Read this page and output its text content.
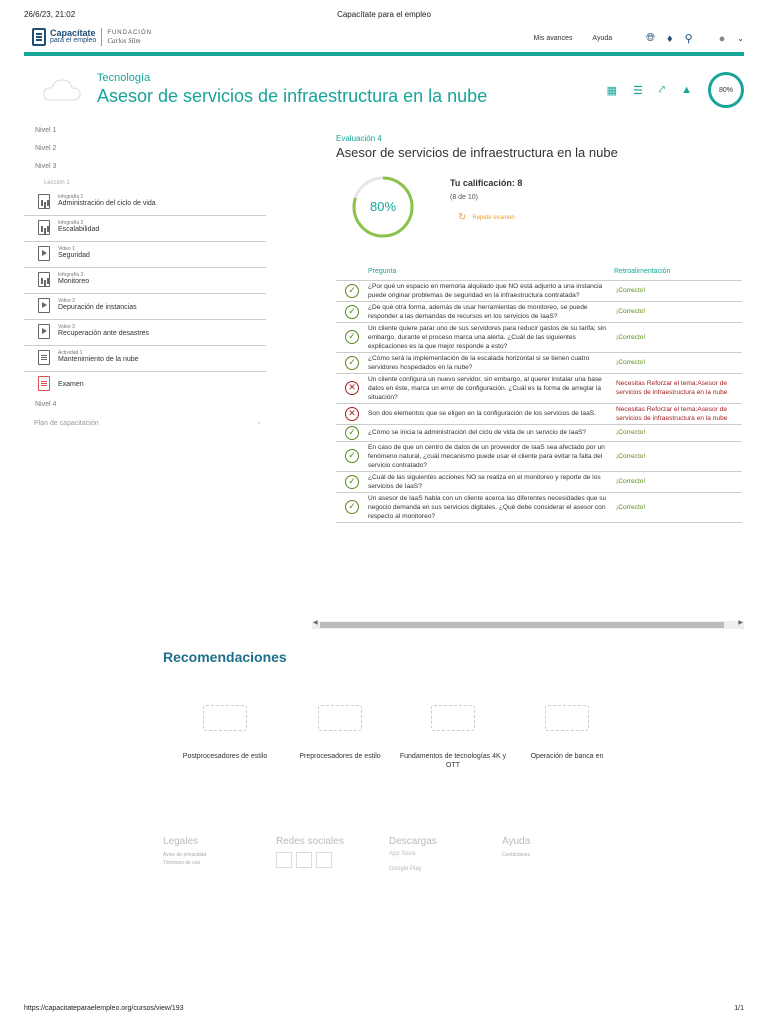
26/6/23, 21:02	Capacítate para el empleo
Capacítate
para el empleo
FUNDACIÓN
Carlos Slim	Mis avances	Ayuda	🌐︎ ♦ ⚲ ● ⌄
Tecnología
Asesor de servicios de infraestructura en la nube	▦ ☰ ⤤ ▲	80%
Nivel 1
Nivel 2
Nivel 3
Lección 1
Infografía 1
Administración del ciclo de vida
Infografía 2
Escalabilidad
Video 1
Seguridad
Infografía 3
Monitoreo
Video 2
Depuración de instancias
Video 3
Recuperación ante desastres
Actividad 1
Mantenimiento de la nube
Examen
Nivel 4
Plan de capacitación	›
Evaluación 4
Asesor de servicios de infraestructura en la nube
80%
Tu calificación: 8
(8 de 10)
↻ Repetir examen
	Pregunta	Retroalimentación
✓	¿Por qué un espacio en memoria alquilado que NO está adjunto a una instancia puede originar problemas de seguridad en la infraestructura contratada?	¡Correcto!
✓	¿De qué otra forma, además de usar herramientas de monitoreo, se puede responder a las demandas de recursos en los servicios de IaaS?	¡Correcto!
✓	Un cliente quiere parar uno de sus servidores para reducir gastos de su tarifa; sin embargo, durante el proceso marca una alerta. ¿Cuál de las siguientes explicaciones es la que mejor responde a esto?	¡Correcto!
✓	¿Cómo será la implementación de la escalada horizontal si se tienen cuatro servidores hospedados en la nube?	¡Correcto!
✕	Un cliente configura un nuevo servidor, sin embargo, al querer instalar una base datos en éste, marca un error de configuración. ¿Cuál es la forma de arreglar la situación?	Necesitas Reforzar el tema:Asesor de servicios de infraestructura en la nube
✕	Son dos elementos que se eligen en la configuración de los servicios de IaaS.	Necesitas Reforzar el tema:Asesor de servicios de infraestructura en la nube
✓	¿Cómo se inicia la administración del ciclo de vida de un servicio de IaaS?	¡Correcto!
✓	En caso de que un centro de datos de un proveedor de IaaS sea afectado por un fenómeno natural, ¿cuál mecanismo puede usar el cliente para evitar la falta del servicio contratado?	¡Correcto!
✓	¿Cuál de las siguientes acciones NO se realiza en el monitoreo y reporte de los servicios de IaaS?	¡Correcto!
✓	Un asesor de IaaS habla con un cliente acerca las diferentes necesidades que su negocio demanda en sus servicios digitales. ¿Qué debe considerar el asesor con respecto al monitoreo?	¡Correcto!
◀	▶
Recomendaciones
Postprocesadores de estilo	Preprocesadores de estilo	Fundamentos de tecnologías 4K y OTT
Operación de banca en
Legales
Aviso de privacidad
Términos de uso
Redes sociales	Descargas
App Store
Google Play
Ayuda
Contáctanos
https://capacitateparaelempleo.org/cursos/view/193	1/1
